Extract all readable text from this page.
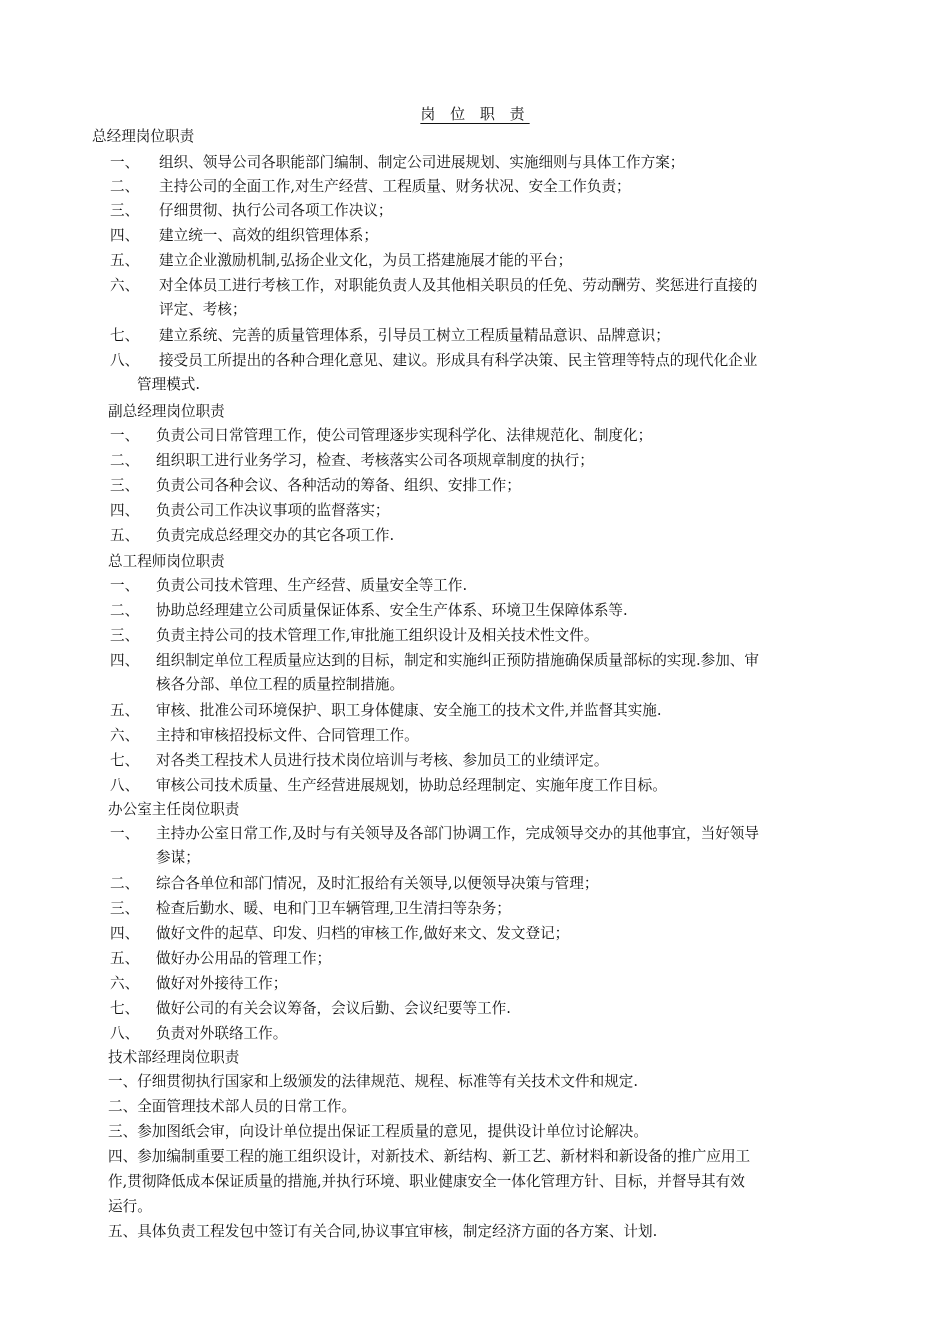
岗 位 职 责
总经理岗位职责
一、 组织、领导公司各职能部门编制、制定公司进展规划、实施细则与具体工作方案；
二、 主持公司的全面工作,对生产经营、工程质量、财务状况、安全工作负责；
三、 仔细贯彻、执行公司各项工作决议；
四、 建立统一、高效的组织管理体系；
五、 建立企业激励机制,弘扬企业文化，为员工搭建施展才能的平台；
六、 对全体员工进行考核工作，对职能负责人及其他相关职员的任免、劳动酬劳、奖惩进行直接的
评定、考核；
七、 建立系统、完善的质量管理体系，引导员工树立工程质量精品意识、品牌意识；
八、 接受员工所提出的各种合理化意见、建议。形成具有科学决策、民主管理等特点的现代化企业
管理模式.
副总经理岗位职责
一、 负责公司日常管理工作，使公司管理逐步实现科学化、法律规范化、制度化；
二、 组织职工进行业务学习，检查、考核落实公司各项规章制度的执行；
三、 负责公司各种会议、各种活动的筹备、组织、安排工作；
四、 负责公司工作决议事项的监督落实；
五、 负责完成总经理交办的其它各项工作.
总工程师岗位职责
一、 负责公司技术管理、生产经营、质量安全等工作.
二、 协助总经理建立公司质量保证体系、安全生产体系、环境卫生保障体系等.
三、 负责主持公司的技术管理工作,审批施工组织设计及相关技术性文件。
四、 组织制定单位工程质量应达到的目标，制定和实施纠正预防措施确保质量部标的实现.参加、审
核各分部、单位工程的质量控制措施。
五、 审核、批准公司环境保护、职工身体健康、安全施工的技术文件,并监督其实施.
六、 主持和审核招投标文件、合同管理工作。
七、 对各类工程技术人员进行技术岗位培训与考核、参加员工的业绩评定。
八、 审核公司技术质量、生产经营进展规划，协助总经理制定、实施年度工作目标。
办公室主任岗位职责
一、 主持办公室日常工作,及时与有关领导及各部门协调工作，完成领导交办的其他事宜，当好领导
参谋；
二、 综合各单位和部门情况，及时汇报给有关领导,以便领导决策与管理；
三、 检查后勤水、暖、电和门卫车辆管理,卫生清扫等杂务；
四、 做好文件的起草、印发、归档的审核工作,做好来文、发文登记；
五、 做好办公用品的管理工作；
六、 做好对外接待工作；
七、 做好公司的有关会议筹备，会议后勤、会议纪要等工作.
八、 负责对外联络工作。
技术部经理岗位职责
一、仔细贯彻执行国家和上级颁发的法律规范、规程、标准等有关技术文件和规定.
二、全面管理技术部人员的日常工作。
三、参加图纸会审，向设计单位提出保证工程质量的意见，提供设计单位讨论解决。
四、参加编制重要工程的施工组织设计，对新技术、新结构、新工艺、新材料和新设备的推广应用工
作,贯彻降低成本保证质量的措施,并执行环境、职业健康安全一体化管理方针、目标，并督导其有效
运行。
五、具体负责工程发包中签订有关合同,协议事宜审核，制定经济方面的各方案、计划.
